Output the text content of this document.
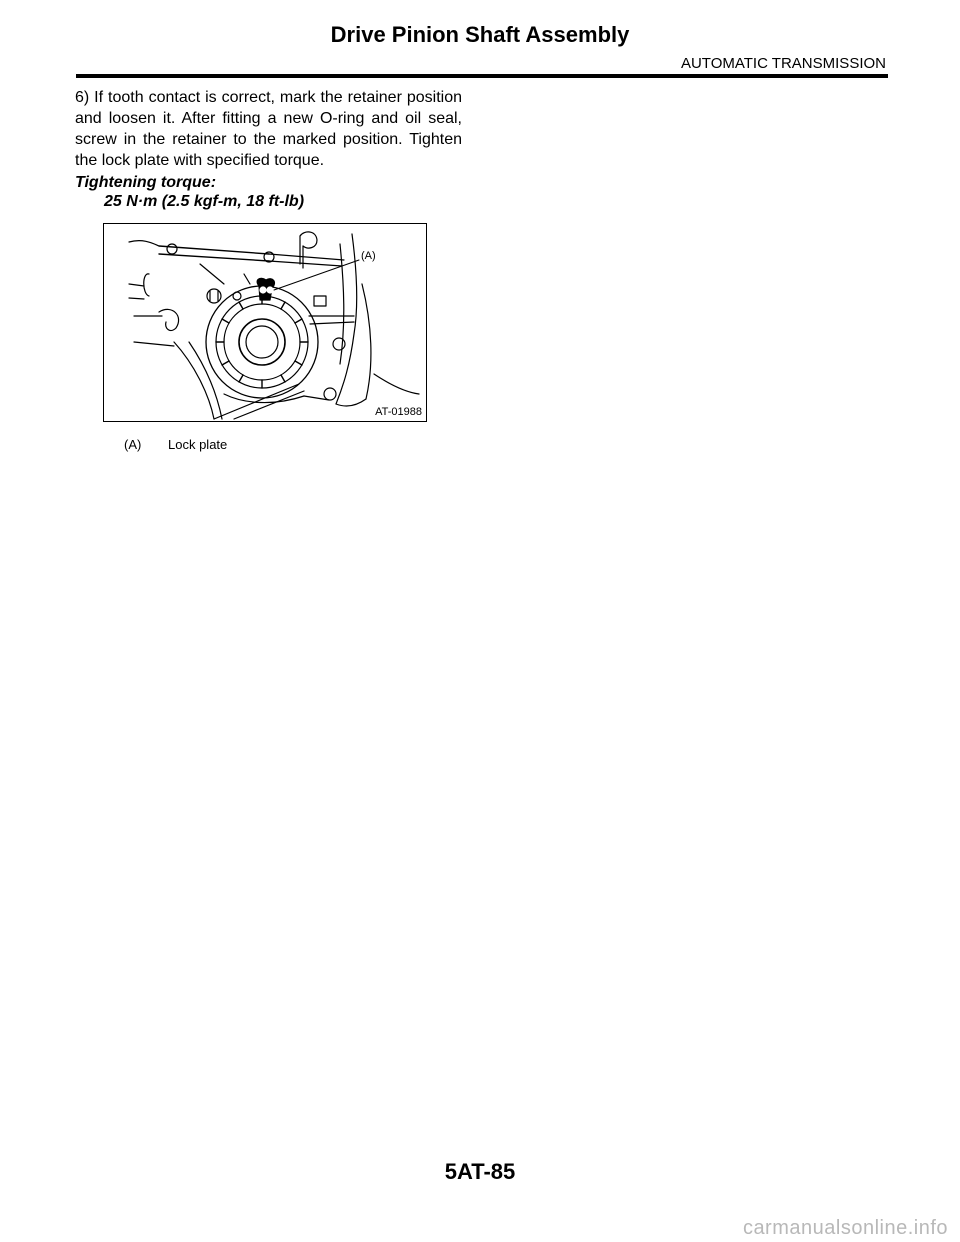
Drive Pinion Shaft Assembly
AUTOMATIC TRANSMISSION
6) If tooth contact is correct, mark the retainer position and loosen it. After fitting a new O-ring and oil seal, screw in the retainer to the marked position. Tighten the lock plate with specified torque.
Tightening torque:
25 N·m (2.5 kgf-m, 18 ft-lb)
(A)
AT-01988
(A) Lock plate
5AT-85
carmanualsonline.info
